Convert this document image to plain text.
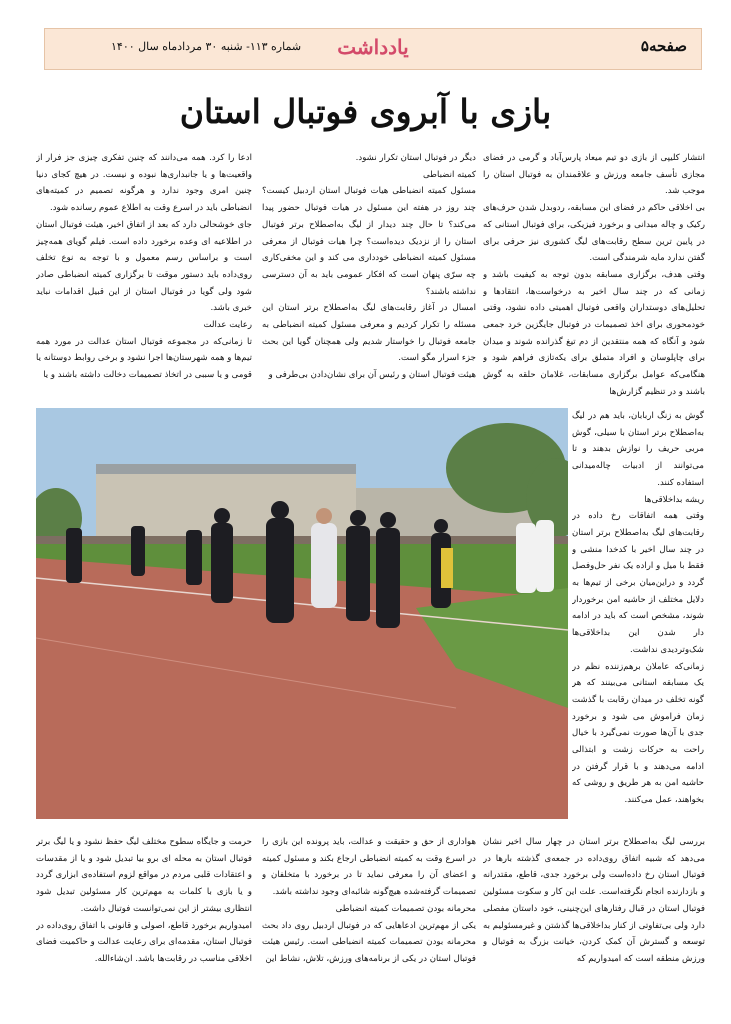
صفحه۵
یادداشت
شماره ۱۱۳- شنبه ۳۰ مردادماه سال ۱۴۰۰
بازی با آبروی فوتبال استان

انتشار کلیپی از بازی دو تیم میعاد پارس‌آباد و گرمی در فضای مجازی تأسف جامعه ورزش و علاقمندان به فوتبال استان را موجب شد.

بی اخلاقی حاکم در فضای این مسابقه، ردوبدل شدن حرف‌های رکیک و چاله میدانی و برخورد فیزیکی، برای فوتبال استانی که در پایین ترین سطح رقابت‌های لیگ کشوری نیز حرفی برای گفتن ندارد مایه شرمندگی است.

وقتی هدف، برگزاری مسابقه بدون توجه به کیفیت باشد و زمانی که در چند سال اخیر به درخواست‌ها، انتقادها و تحلیل‌های دوستداران واقعی فوتبال اهمیتی داده نشود، وقتی خودمحوری برای اخذ تصمیمات در فوتبال جایگزین خرد جمعی شود و آنگاه که همه منتقدین از دم تیغ گذرانده شوند و میدان برای چاپلوسان و افراد متملق برای یکه‌تازی فراهم شود و هنگامی‌که عوامل برگزاری مسابقات، غلامان حلقه به گوش باشند و در تنظیم گزارش‌ها

گوش به زنگ اربابان، باید هم در لیگ به‌اصطلاح برتر استان با سیلی، گوش مربی حریف را نوازش بدهند و تا می‌توانند از ادبیات چاله‌میدانی استفاده کنند.

ریشه بداخلاقی‌ها

وقتی همه اتفاقات رخ داده در رقابت‌های لیگ به‌اصطلاح برتر استان در چند سال اخیر با کدخدا منشی و فقط با میل و اراده یک نفر حل‌وفصل گردد و دراین‌میان برخی از تیم‌ها به دلایل مختلف از حاشیه امن برخوردار شوند، مشخص است که باید در ادامه دار شدن این بداخلاقی‌ها شک‌وتردیدی نداشت.

زمانی‌که عاملان برهم‌زننده نظم در یک مسابقه استانی می‌بینند که هر گونه تخلف در میدان رقابت با گذشت زمان فراموش می شود و برخورد جدی با آن‌ها صورت نمی‌گیرد با خیال راحت به حرکات زشت و ابتذالی ادامه می‌دهند و با قرار گرفتن در حاشیه امن به هر طریق و روشی که بخواهند، عمل می‌کنند.

دیگر در فوتبال استان تکرار نشود.

کمیته انضباطی

مسئول کمیته انضباطی هیات فوتبال استان اردبیل کیست؟ چند روز در هفته این مسئول در هیات فوتبال حضور پیدا می‌کند؟ تا حال چند دیدار از لیگ به‌اصطلاح برتر فوتبال استان را از نزدیک دیده‌است؟ چرا هیات فوتبال از معرفی مسئول کمیته انضباطی خودداری می کند و این مخفی‌کاری چه سرّی پنهان است که افکار عمومی باید به آن دسترسی نداشته باشند؟

امسال در آغاز رقابت‌های لیگ به‌اصطلاح برتر استان این مسئله را تکرار کردیم و معرفی مسئول کمیته انضباطی به جامعه فوتبال را خواستار شدیم ولی همچنان گویا این بحث جزء اسرار مگو است.

هیئت فوتبال استان و رئیس آن برای نشان‌دادن بی‌طرفی و

ادعا را کرد. همه می‌دانند که چنین تفکری چیزی جز فرار از واقعیت‌ها و یا جانبداری‌ها نبوده و نیست. در هیچ کجای دنیا چنین امری وجود ندارد و هرگونه تصمیم در کمیته‌های انضباطی باید در اسرع وقت به اطلاع عموم رسانده شود.

جای خوشحالی دارد که بعد از اتفاق اخیر، هیئت فوتبال استان در اطلاعیه ای وعده برخورد داده است. فیلم گویای همه‌چیز است و براساس رسم معمول و با توجه به نوع تخلف روی‌داده باید دستور موقت تا برگزاری کمیته انضباطی صادر شود ولی گویا در فوتبال استان از این قبیل اقدامات نباید خبری باشد.

رعایت عدالت

تا زمانی‌که در مجموعه فوتبال استان عدالت در مورد همه تیم‌ها و همه شهرستان‌ها اجرا نشود و برخی روابط دوستانه یا قومی و یا سببی در اتخاذ تصمیمات دخالت داشته باشند و یا

بررسی لیگ به‌اصطلاح برتر استان در چهار سال اخیر نشان می‌دهد که شبیه اتفاق روی‌داده در جمعه‌ی گذشته بارها در فوتبال استان رخ داده‌است ولی برخورد جدی، قاطع، مقتدرانه و بازدارنده انجام نگرفته‌است. علت این کار و سکوت مسئولین فوتبال استان در قبال رفتارهای این‌چنینی، خود داستان مفصلی دارد ولی بی‌تفاوتی از کنار بداخلاقی‌ها گذشتن و غیرمسئولیم به توسعه و گسترش آن کمک کردن، خیانت بزرگ به فوتبال و ورزش منطقه است که امیدواریم که

هواداری از حق و حقیقت و عدالت، باید پرونده این بازی را در اسرع وقت به کمیته انضباطی ارجاع بکند و مسئول کمیته و اعضای آن را معرفی نماید تا در برخورد با متخلفان و تصمیمات گرفته‌شده هیچ‌گونه شائبه‌ای وجود نداشته باشد.

محرمانه بودن تصمیمات کمیته انضباطی

یکی از مهم‌ترین ادعاهایی که در فوتبال اردبیل روی داد بحث محرمانه بودن تصمیمات کمیته انضباطی است. رئیس هیئت فوتبال استان در یکی از برنامه‌های ورزش، تلاش، نشاط این

حرمت و جایگاه سطوح مختلف لیگ حفظ نشود و یا لیگ برتر فوتبال استان به محله ای برو بیا تبدیل شود و یا از مقدسات و اعتقادات قلبی مردم در مواقع لزوم استفاده‌ی ابزاری گردد و یا بازی با کلمات به مهم‌ترین کار مسئولین تبدیل شود انتظاری بیشتر از این نمی‌توانست فوتبال داشت.

امیدواریم برخورد قاطع، اصولی و قانونی با اتفاق روی‌داده در فوتبال استان، مقدمه‌ای برای رعایت عدالت و حاکمیت فضای اخلاقی مناسب در رقابت‌ها باشد. ان‌شاءالله.
